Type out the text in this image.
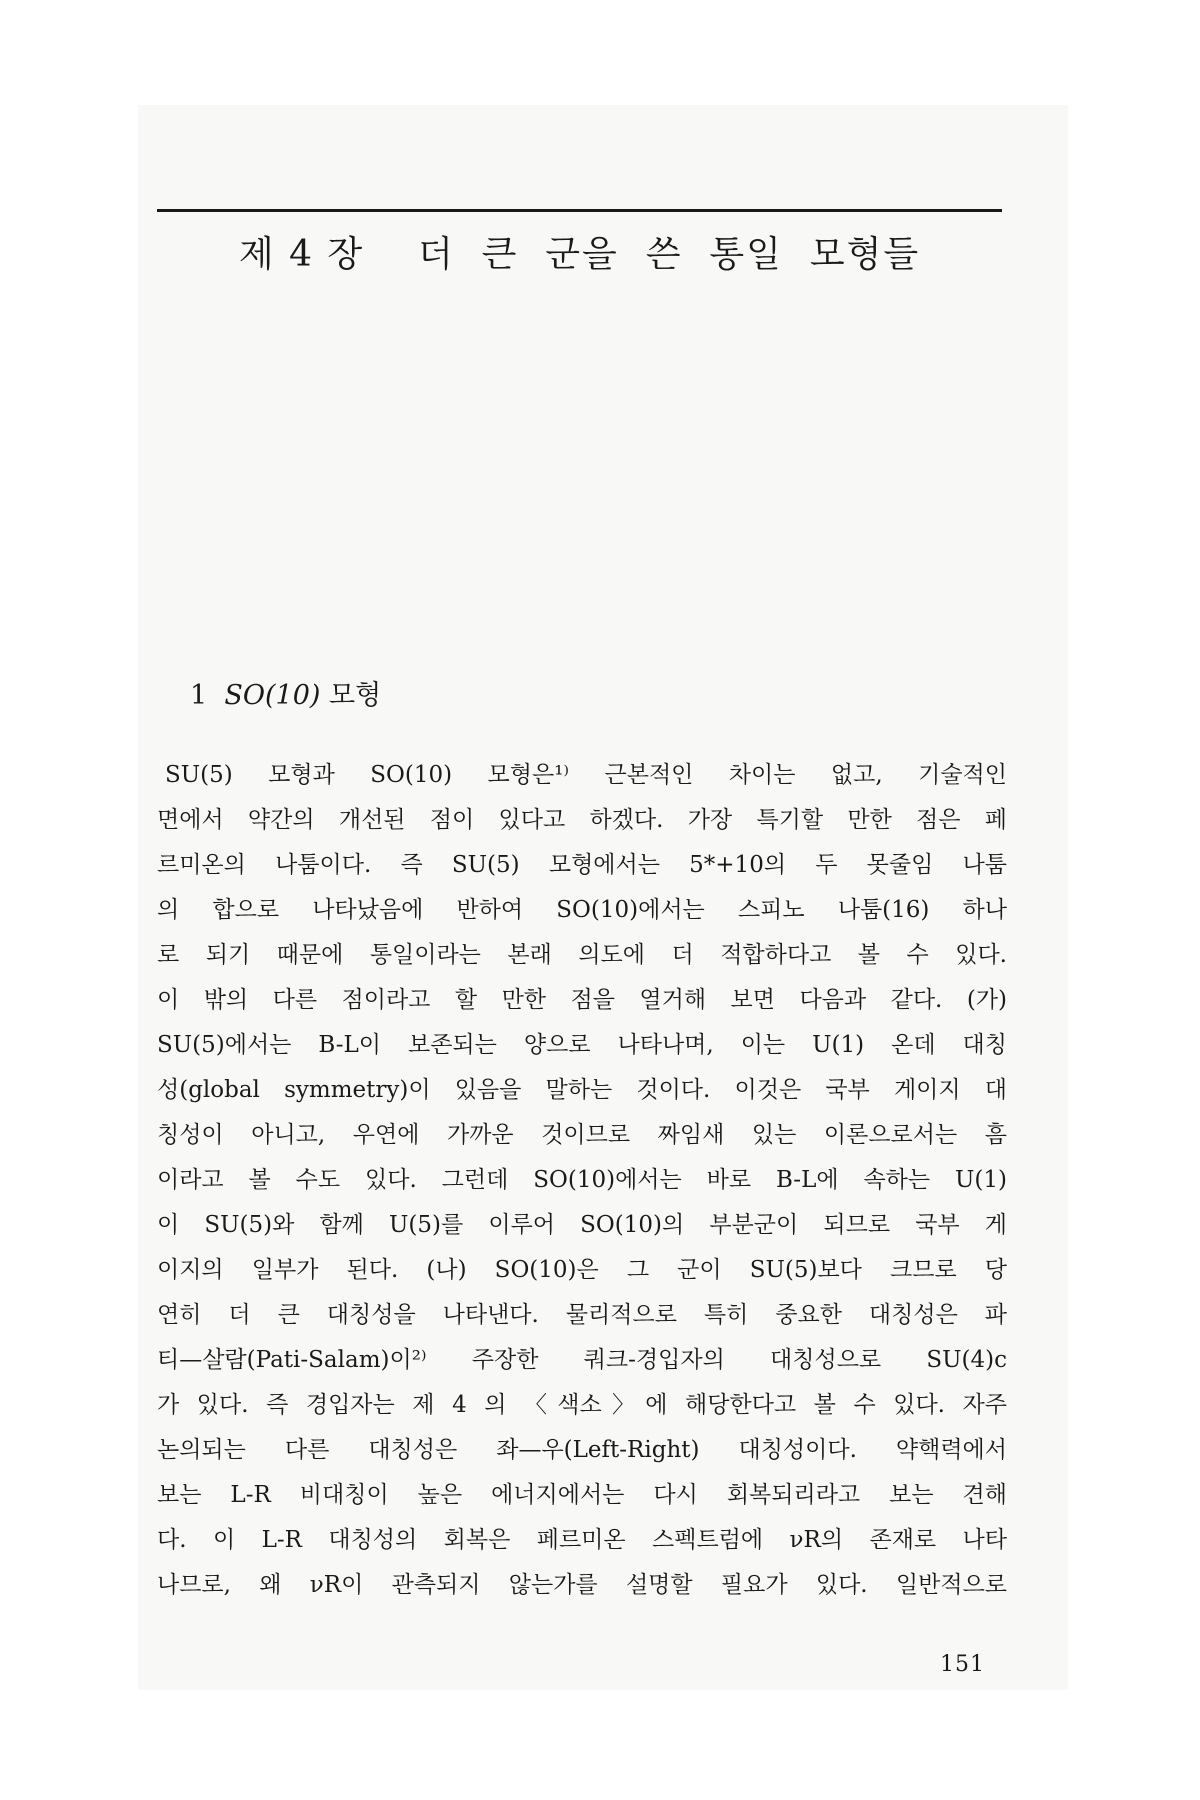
제 4 장    더  큰  군을  쓴  통일  모형들
1 SO(10) 모형
SU(5) 모형과 SO(10) 모형은¹⁾ 근본적인 차이는 없고, 기술적인
면에서 약간의 개선된 점이 있다고 하겠다. 가장 특기할 만한 점은 페
르미온의 나툼이다. 즉 SU(5) 모형에서는 5*+10의 두 못줄임 나툼
의 합으로 나타났음에 반하여 SO(10)에서는 스피노 나툼(16) 하나
로 되기 때문에 통일이라는 본래 의도에 더 적합하다고 볼 수 있다.
이 밖의 다른 점이라고 할 만한 점을 열거해 보면 다음과 같다. (가)
SU(5)에서는 B-L이 보존되는 양으로 나타나며, 이는 U(1) 온데 대칭
성(global symmetry)이 있음을 말하는 것이다. 이것은 국부 게이지 대
칭성이 아니고, 우연에 가까운 것이므로 짜임새 있는 이론으로서는 흠
이라고 볼 수도 있다. 그런데 SO(10)에서는 바로 B-L에 속하는 U(1)
이 SU(5)와 함께 U(5)를 이루어 SO(10)의 부분군이 되므로 국부 게
이지의 일부가 된다. (나) SO(10)은 그 군이 SU(5)보다 크므로 당
연히 더 큰 대칭성을 나타낸다. 물리적으로 특히 중요한 대칭성은 파
티—살람(Pati-Salam)이²⁾ 주장한 쿼크-경입자의 대칭성으로 SU(4)c
가 있다. 즉 경입자는 제 4 의 〈색소〉에 해당한다고 볼 수 있다. 자주
논의되는 다른 대칭성은 좌—우(Left-Right) 대칭성이다. 약핵력에서
보는 L-R 비대칭이 높은 에너지에서는 다시 회복되리라고 보는 견해
다. 이 L-R 대칭성의 회복은 페르미온 스펙트럼에 νR의 존재로 나타
나므로, 왜 νR이 관측되지 않는가를 설명할 필요가 있다. 일반적으로
151
